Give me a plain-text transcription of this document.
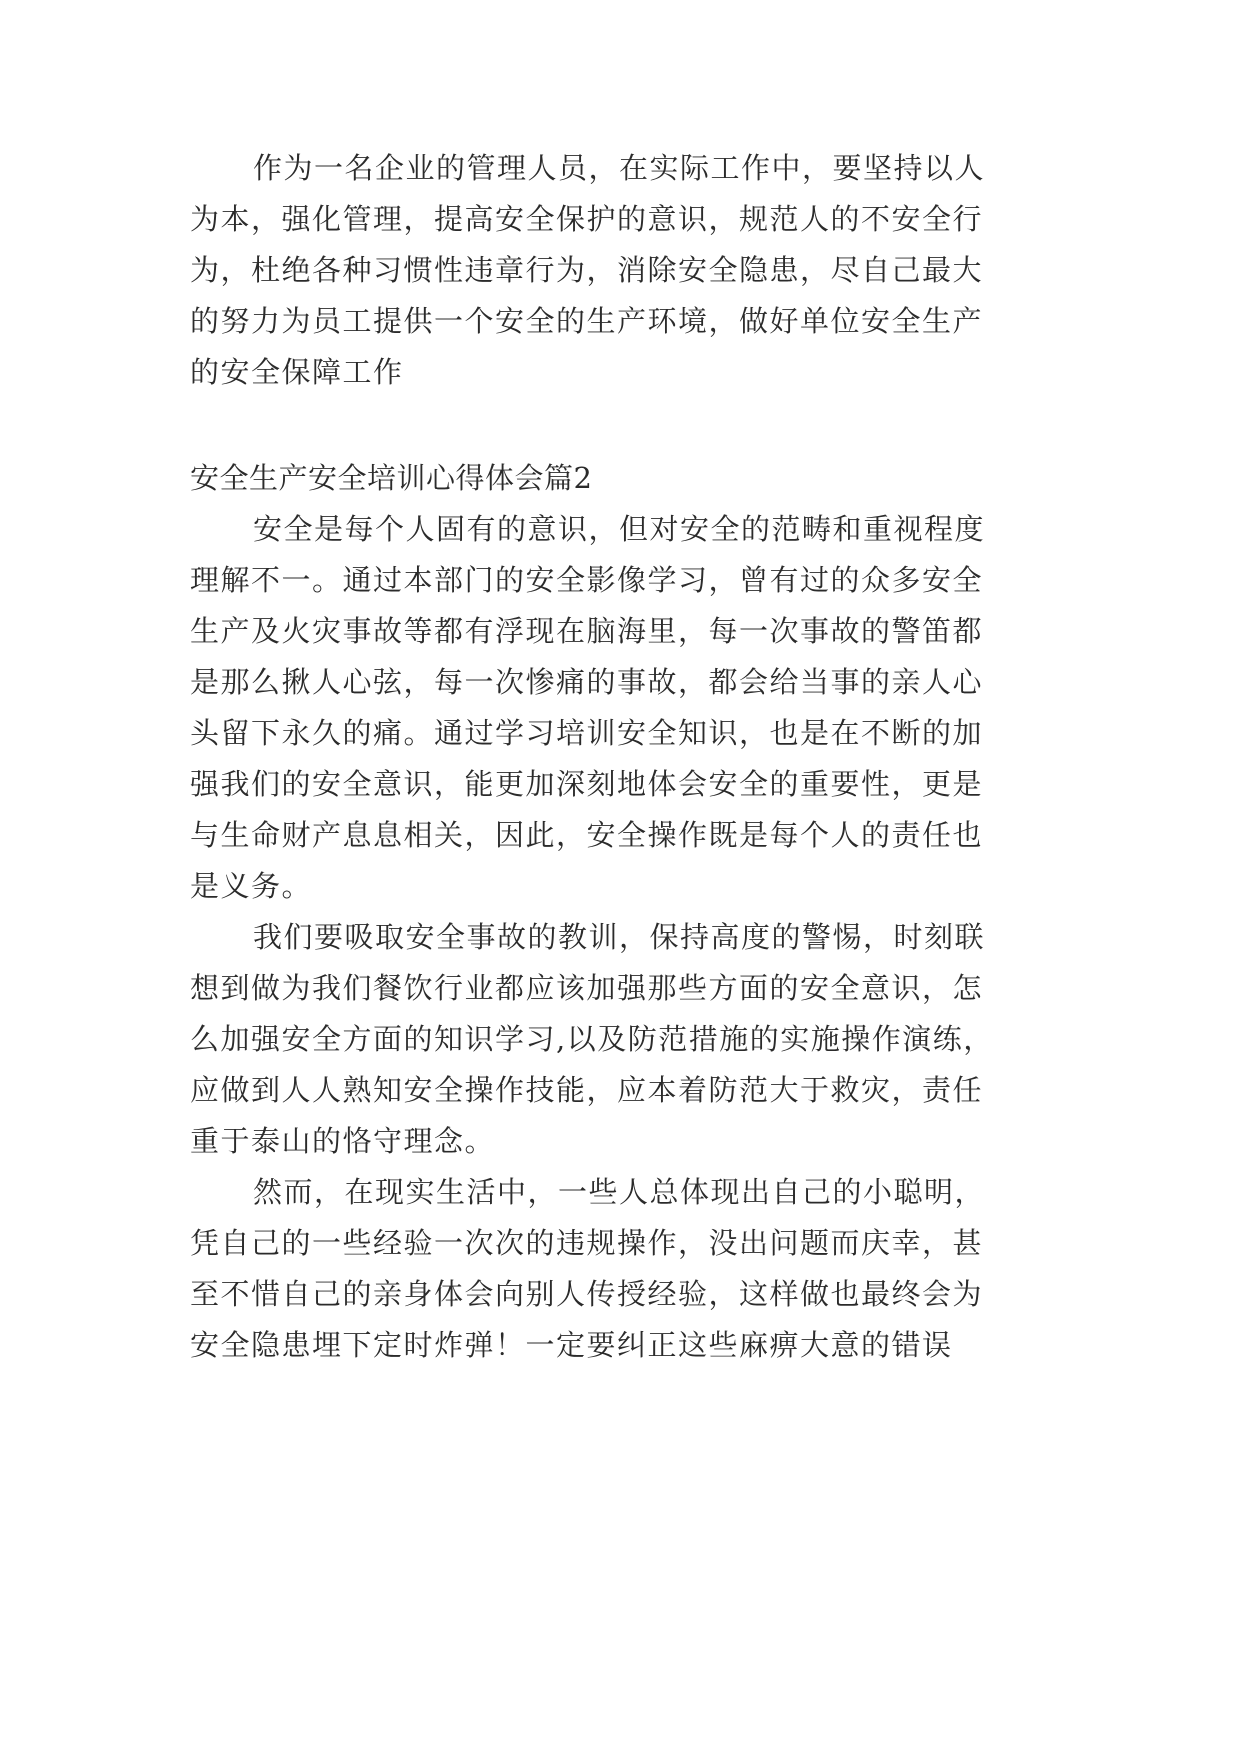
作为一名企业的管理人员，在实际工作中，要坚持以人
为本，强化管理，提高安全保护的意识，规范人的不安全行
为，杜绝各种习惯性违章行为，消除安全隐患，尽自己最大
的努力为员工提供一个安全的生产环境，做好单位安全生产
的安全保障工作
安全生产安全培训心得体会篇2
安全是每个人固有的意识，但对安全的范畴和重视程度
理解不一。通过本部门的安全影像学习，曾有过的众多安全
生产及火灾事故等都有浮现在脑海里，每一次事故的警笛都
是那么揪人心弦，每一次惨痛的事故，都会给当事的亲人心
头留下永久的痛。通过学习培训安全知识，也是在不断的加
强我们的安全意识，能更加深刻地体会安全的重要性，更是
与生命财产息息相关，因此，安全操作既是每个人的责任也
是义务。
我们要吸取安全事故的教训，保持高度的警惕，时刻联
想到做为我们餐饮行业都应该加强那些方面的安全意识，怎
么加强安全方面的知识学习,以及防范措施的实施操作演练，
应做到人人熟知安全操作技能，应本着防范大于救灾，责任
重于泰山的恪守理念。
然而，在现实生活中，一些人总体现出自己的小聪明，
凭自己的一些经验一次次的违规操作，没出问题而庆幸，甚
至不惜自己的亲身体会向别人传授经验，这样做也最终会为
安全隐患埋下定时炸弹！一定要纠正这些麻痹大意的错误
